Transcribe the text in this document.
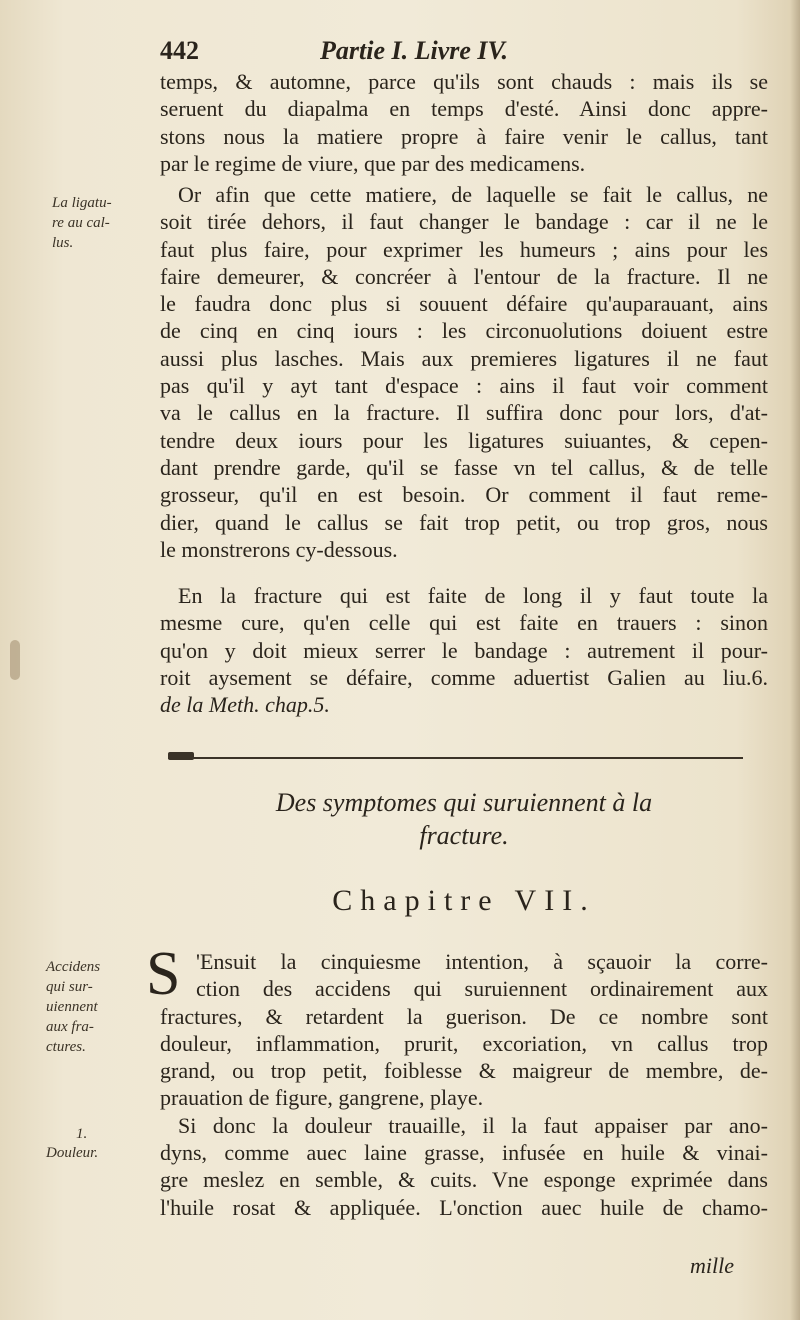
442	Partie I. Livre IV.
temps, & automne, parce qu'ils sont chauds : mais ils se
seruent du diapalma en temps d'esté. Ainsi donc appre-
stons nous la matiere propre à faire venir le callus, tant
par le regime de viure, que par des medicamens.
La ligatu-
re au cal-
lus.
Or afin que cette matiere, de laquelle se fait le callus, ne
soit tirée dehors, il faut changer le bandage : car il ne le
faut plus faire, pour exprimer les humeurs ; ains pour les
faire demeurer, & concréer à l'entour de la fracture. Il ne
le faudra donc plus si souuent défaire qu'auparauant, ains
de cinq en cinq iours : les circonuolutions doiuent estre
aussi plus lasches. Mais aux premieres ligatures il ne faut
pas qu'il y ayt tant d'espace : ains il faut voir comment
va le callus en la fracture. Il suffira donc pour lors, d'at-
tendre deux iours pour les ligatures suiuantes, & cepen-
dant prendre garde, qu'il se fasse vn tel callus, & de telle
grosseur, qu'il en est besoin. Or comment il faut reme-
dier, quand le callus se fait trop petit, ou trop gros, nous
le monstrerons cy-dessous.
En la fracture qui est faite de long il y faut toute la
mesme cure, qu'en celle qui est faite en trauers : sinon
qu'on y doit mieux serrer le bandage : autrement il pour-
roit aysement se défaire, comme aduertist Galien au liu.6.
de la Meth. chap.5.
Des symptomes qui suruiennent à la
fracture.
Chapitre VII.
Accidens
qui sur-
uiennent
aux fra-
ctures.
S 'Ensuit la cinquiesme intention, à sçauoir la corre-
ction des accidens qui suruiennent ordinairement aux
fractures, & retardent la guerison. De ce nombre sont
douleur, inflammation, prurit, excoriation, vn callus trop
grand, ou trop petit, foiblesse & maigreur de membre, de-
prauation de figure, gangrene, playe.
Si donc la douleur trauaille, il la faut appaiser par ano-
dyns, comme auec laine grasse, infusée en huile & vinai-
gre meslez en semble, & cuits. Vne esponge exprimée dans
l'huile rosat & appliquée. L'onction auec huile de chamo-
1.
Douleur.
mille
